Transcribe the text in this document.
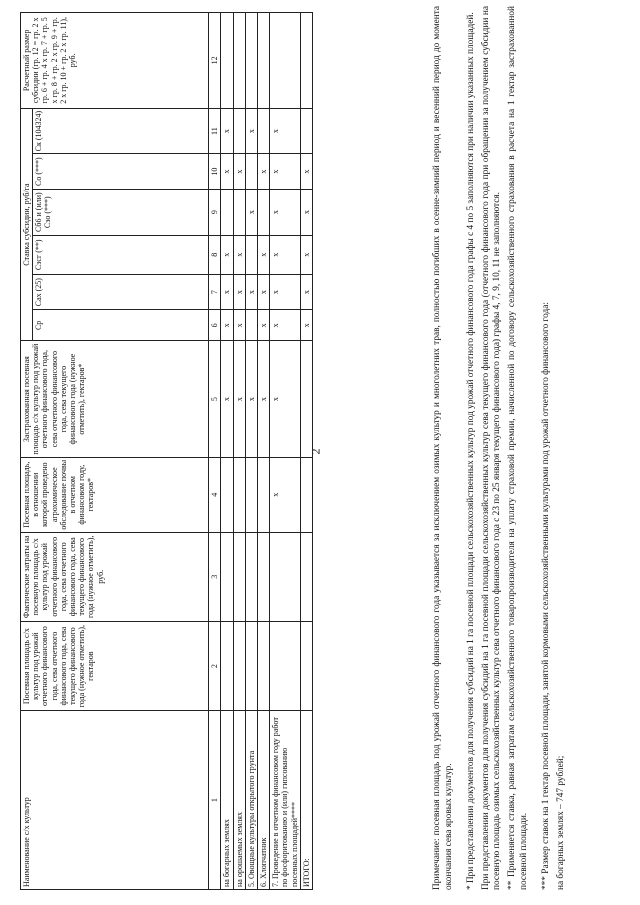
2
Наименование с/х культур	Посевная площадь с/х культур под урожай отчетного финансового года, сева отчетного финансового года, сева текущего финансового года (нужное отметить), гектаров	Фактические затраты на посевную площадь с/х культур под урожай отчетного финансового года, сева отчетного финансового года, сева текущего финансового года (нужное отметить), руб.	Посевная площадь, в отношении которой проведено агрохимическое обследование почвы в отчетном финансовом году, гектаров*	Застрахованная посевная площадь с/х культур под урожай отчетного финансового года, сева отчетного финансового года, сева текущего финансового года (нужное отметить), гектаров*	Ставка субсидии, руб/га						Расчетный размер субсидии (гр. 12 = гр. 2 х гр. 6 + гр. 4 х гр. 7 + гр. 5 х гр. 8 + гр. 2 х гр. 9 + гр. 2 х гр. 10 + гр. 2 х гр. 11), руб.
					Ср	Сах (25)	Сзсг (**)	Сб6 и (или) Сзо (***)	Со (***)	Ск (104324)	
1	2	3	4	5	6	7	8	9	10	11	12
на богарных землях				x	x	x	x		x	x	
на орошаемых землях				x	x	x	x		x		
5. Овощные культуры открытого грунта				x		x		x		x	
6. Хлопчатник				x	x	x	x		x		
7. Проведение в отчетном финансовом году работ по фосфоритованию и (или) гипсованию посевных площадей****			x	x	x	x	x	x	x	x	
ИТОГО:					x	x	x	x	x			Примечание: посевная площадь под урожай отчетного финансового года указывается за исключением озимых культур и многолетних трав, полностью погибших в осенне-зимний период и весенний период до момента окончания сева яровых культур. * При представлении документов для получения субсидий на 1 га посевной площади сельскохозяйственных культур под урожай отчетного финансового года графы с 4 по 5 заполняются при наличии указанных площадей. При представлении документов для получения субсидий на 1 га посевной площади сельскохозяйственных культур сева текущего финансового года (отчетного финансового года при обращении за получением субсидии на посевную площадь озимых сельскохозяйственных культур сева отчетного финансового года с 23 по 25 января текущего финансового года) графы 4, 7, 9, 10, 11 не заполняются. ** Применяется ставка, равная затратам сельскохозяйственного товаропроизводителя на уплату страховой премии, начисленной по договору сельскохозяйственного страхования в расчета на 1 гектар застрахованной посевной площади. *** Размер ставок на 1 гектар посевной площади, занятой кормовыми сельскохозяйственными культурами под урожай отчетного финансового года: на богарных землях – 747 рублей;
